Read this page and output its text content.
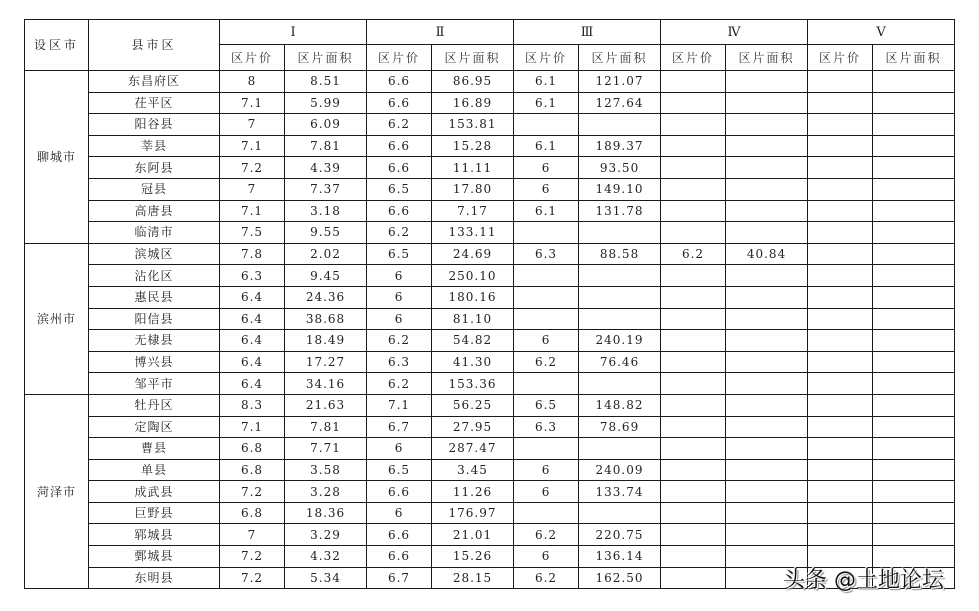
设区市	县市区	Ⅰ		Ⅱ		Ⅲ		Ⅳ		Ⅴ	
		区片价	区片面积	区片价	区片面积	区片价	区片面积	区片价	区片面积	区片价	区片面积
聊城市	东昌府区	8	8.51	6.6	86.95	6.1	121.07				
	茌平区	7.1	5.99	6.6	16.89	6.1	127.64				
	阳谷县	7	6.09	6.2	153.81						
	莘县	7.1	7.81	6.6	15.28	6.1	189.37				
	东阿县	7.2	4.39	6.6	11.11	6	93.50				
	冠县	7	7.37	6.5	17.80	6	149.10				
	高唐县	7.1	3.18	6.6	7.17	6.1	131.78				
	临清市	7.5	9.55	6.2	133.11						
滨州市	滨城区	7.8	2.02	6.5	24.69	6.3	88.58	6.2	40.84		
	沾化区	6.3	9.45	6	250.10						
	惠民县	6.4	24.36	6	180.16						
	阳信县	6.4	38.68	6	81.10						
	无棣县	6.4	18.49	6.2	54.82	6	240.19				
	博兴县	6.4	17.27	6.3	41.30	6.2	76.46				
	邹平市	6.4	34.16	6.2	153.36						
菏泽市	牡丹区	8.3	21.63	7.1	56.25	6.5	148.82				
	定陶区	7.1	7.81	6.7	27.95	6.3	78.69				
	曹县	6.8	7.71	6	287.47						
	单县	6.8	3.58	6.5	3.45	6	240.09				
	成武县	7.2	3.28	6.6	11.26	6	133.74				
	巨野县	6.8	18.36	6	176.97						
	郓城县	7	3.29	6.6	21.01	6.2	220.75				
	鄄城县	7.2	4.32	6.6	15.26	6	136.14				
	东明县	7.2	5.34	6.7	28.15	6.2	162.50					头条 @土地论坛
